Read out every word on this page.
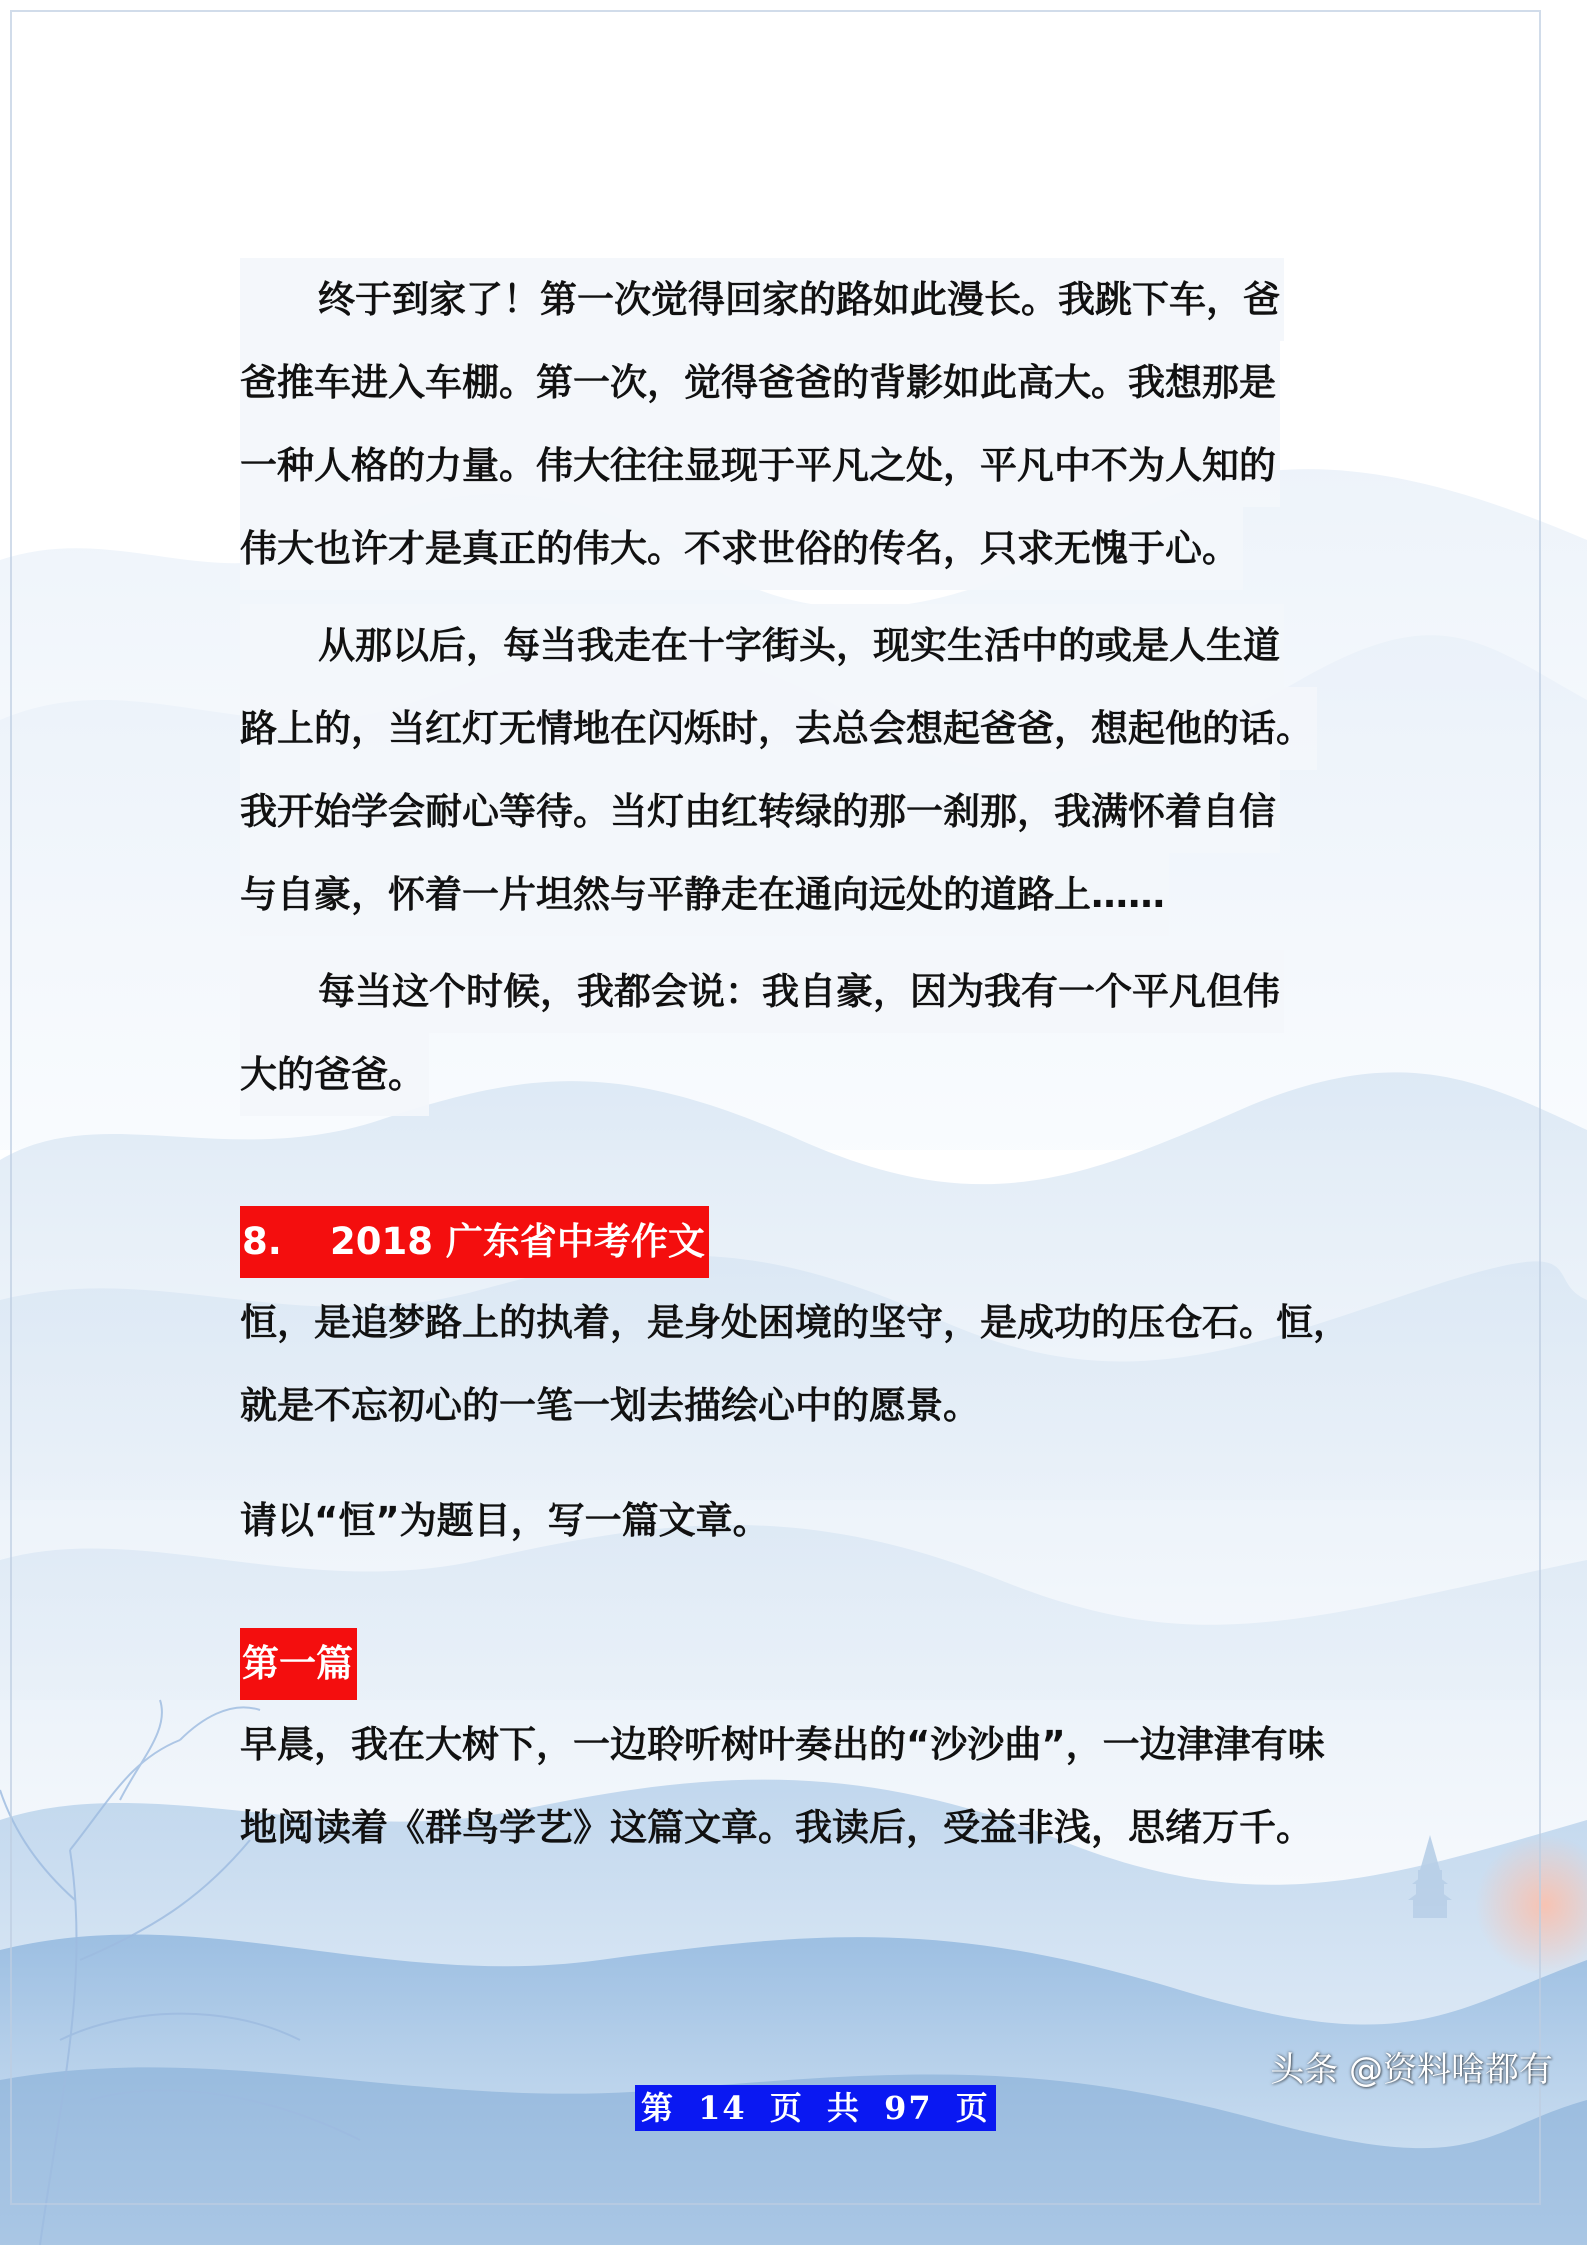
终于到家了！第一次觉得回家的路如此漫长。我跳下车，爸
爸推车进入车棚。第一次，觉得爸爸的背影如此高大。我想那是
一种人格的力量。伟大往往显现于平凡之处，平凡中不为人知的
伟大也许才是真正的伟大。不求世俗的传名，只求无愧于心。
从那以后，每当我走在十字街头，现实生活中的或是人生道
路上的，当红灯无情地在闪烁时，去总会想起爸爸，想起他的话。
我开始学会耐心等待。当灯由红转绿的那一刹那，我满怀着自信
与自豪，怀着一片坦然与平静走在通向远处的道路上……
每当这个时候，我都会说：我自豪，因为我有一个平凡但伟
大的爸爸。
8. 2018 广东省中考作文
恒，是追梦路上的执着，是身处困境的坚守，是成功的压仓石。恒，
就是不忘初心的一笔一划去描绘心中的愿景。
请以“恒”为题目，写一篇文章。
第一篇
早晨，我在大树下，一边聆听树叶奏出的“沙沙曲”，一边津津有味
地阅读着《群鸟学艺》这篇文章。我读后，受益非浅，思绪万千。
第 14 页 共 97 页
头条 @资料啥都有
